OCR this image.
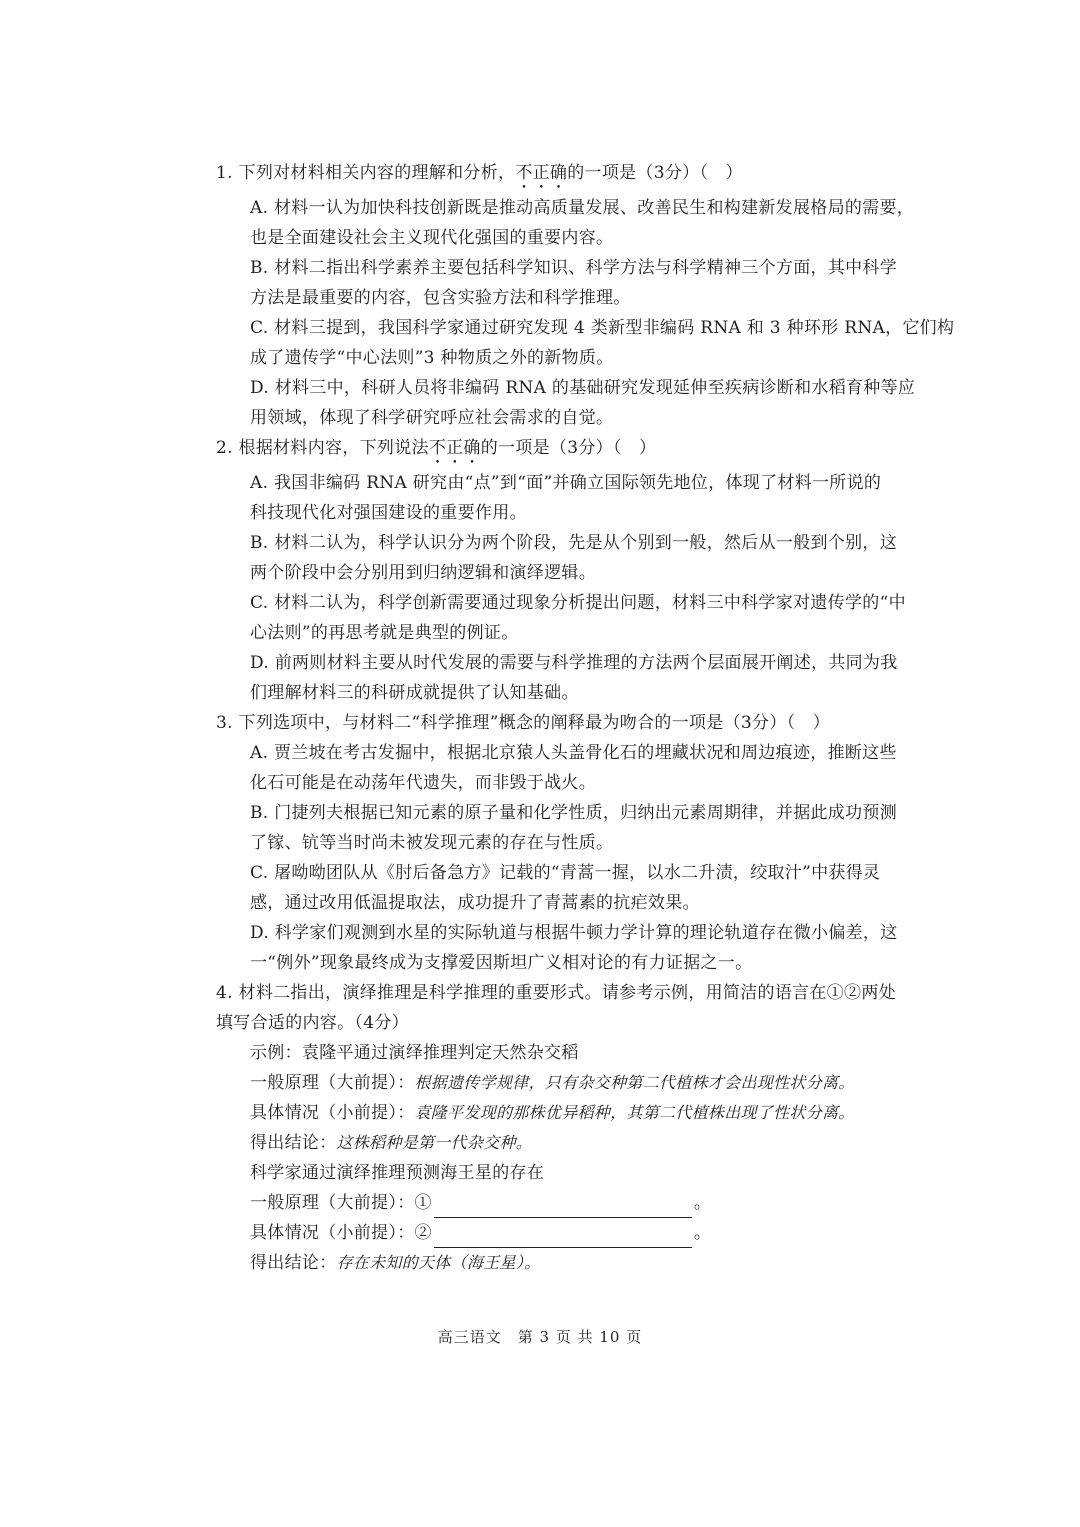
1. 下列对材料相关内容的理解和分析，不正确的一项是（3分）（　）
A. 材料一认为加快科技创新既是推动高质量发展、改善民生和构建新发展格局的需要，
也是全面建设社会主义现代化强国的重要内容。
B. 材料二指出科学素养主要包括科学知识、科学方法与科学精神三个方面，其中科学
方法是最重要的内容，包含实验方法和科学推理。
C. 材料三提到，我国科学家通过研究发现 4 类新型非编码 RNA 和 3 种环形 RNA，它们构
成了遗传学“中心法则”3 种物质之外的新物质。
D. 材料三中，科研人员将非编码 RNA 的基础研究发现延伸至疾病诊断和水稻育种等应
用领域，体现了科学研究呼应社会需求的自觉。
2. 根据材料内容，下列说法不正确的一项是（3分）（　）
A. 我国非编码 RNA 研究由“点”到“面”并确立国际领先地位，体现了材料一所说的
科技现代化对强国建设的重要作用。
B. 材料二认为，科学认识分为两个阶段，先是从个别到一般，然后从一般到个别，这
两个阶段中会分别用到归纳逻辑和演绎逻辑。
C. 材料二认为，科学创新需要通过现象分析提出问题，材料三中科学家对遗传学的“中
心法则”的再思考就是典型的例证。
D. 前两则材料主要从时代发展的需要与科学推理的方法两个层面展开阐述，共同为我
们理解材料三的科研成就提供了认知基础。
3. 下列选项中，与材料二“科学推理”概念的阐释最为吻合的一项是（3分）（　）
A. 贾兰坡在考古发掘中，根据北京猿人头盖骨化石的埋藏状况和周边痕迹，推断这些
化石可能是在动荡年代遗失，而非毁于战火。
B. 门捷列夫根据已知元素的原子量和化学性质，归纳出元素周期律，并据此成功预测
了镓、钪等当时尚未被发现元素的存在与性质。
C. 屠呦呦团队从《肘后备急方》记载的“青蒿一握，以水二升渍，绞取汁”中获得灵
感，通过改用低温提取法，成功提升了青蒿素的抗疟效果。
D. 科学家们观测到水星的实际轨道与根据牛顿力学计算的理论轨道存在微小偏差，这
一“例外”现象最终成为支撑爱因斯坦广义相对论的有力证据之一。
4. 材料二指出，演绎推理是科学推理的重要形式。请参考示例，用简洁的语言在①②两处
填写合适的内容。（4分）
示例：袁隆平通过演绎推理判定天然杂交稻
一般原理（大前提）：根据遗传学规律，只有杂交种第二代植株才会出现性状分离。
具体情况（小前提）：袁隆平发现的那株优异稻种，其第二代植株出现了性状分离。
得出结论：这株稻种是第一代杂交种。
科学家通过演绎推理预测海王星的存在
一般原理（大前提）：①	。
具体情况（小前提）：②	。
得出结论：存在未知的天体（海王星）。
高三语文　第 3 页 共 10 页
